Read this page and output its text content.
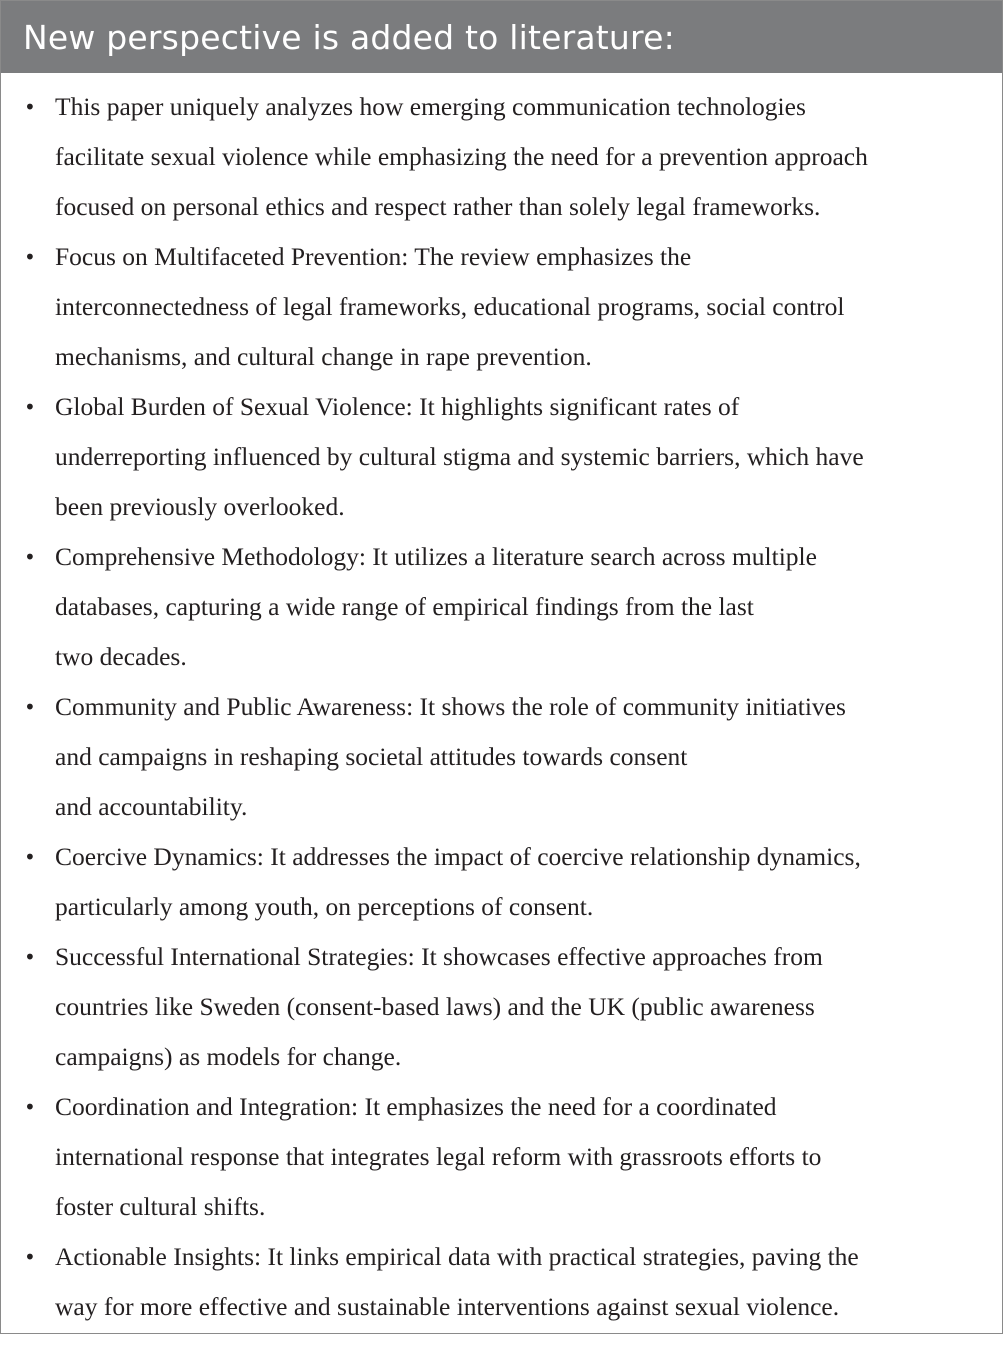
New perspective is added to literature:
• This paper uniquely analyzes how emerging communication technologies
facilitate sexual violence while emphasizing the need for a prevention approach
focused on personal ethics and respect rather than solely legal frameworks.
• Focus on Multifaceted Prevention: The review emphasizes the
interconnectedness of legal frameworks, educational programs, social control
mechanisms, and cultural change in rape prevention.
• Global Burden of Sexual Violence: It highlights significant rates of
underreporting influenced by cultural stigma and systemic barriers, which have
been previously overlooked.
• Comprehensive Methodology: It utilizes a literature search across multiple
databases, capturing a wide range of empirical findings from the last
two decades.
• Community and Public Awareness: It shows the role of community initiatives
and campaigns in reshaping societal attitudes towards consent
and accountability.
• Coercive Dynamics: It addresses the impact of coercive relationship dynamics,
particularly among youth, on perceptions of consent.
• Successful International Strategies: It showcases effective approaches from
countries like Sweden (consent-based laws) and the UK (public awareness
campaigns) as models for change.
• Coordination and Integration: It emphasizes the need for a coordinated
international response that integrates legal reform with grassroots efforts to
foster cultural shifts.
• Actionable Insights: It links empirical data with practical strategies, paving the
way for more effective and sustainable interventions against sexual violence.
